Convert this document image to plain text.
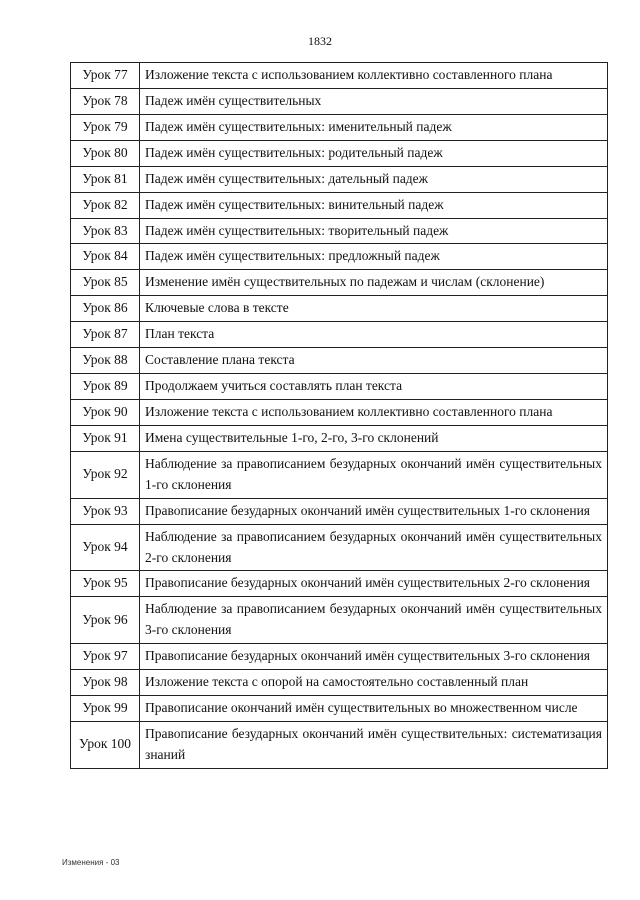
1832
Урок 77	Изложение текста с использованием коллективно составленного плана
Урок 78	Падеж имён существительных
Урок 79	Падеж имён существительных: именительный падеж
Урок 80	Падеж имён существительных: родительный падеж
Урок 81	Падеж имён существительных: дательный падеж
Урок 82	Падеж имён существительных: винительный падеж
Урок 83	Падеж имён существительных: творительный падеж
Урок 84	Падеж имён существительных: предложный падеж
Урок 85	Изменение имён существительных по падежам и числам (склонение)
Урок 86	Ключевые слова в тексте
Урок 87	План текста
Урок 88	Составление плана текста
Урок 89	Продолжаем учиться составлять план текста
Урок 90	Изложение текста с использованием коллективно составленного плана
Урок 91	Имена существительные 1-го, 2-го, 3-го склонений
Урок 92	Наблюдение за правописанием безударных окончаний имён существительных 1-го склонения
Урок 93	Правописание безударных окончаний имён существительных 1-го склонения
Урок 94	Наблюдение за правописанием безударных окончаний имён существительных 2-го склонения
Урок 95	Правописание безударных окончаний имён существительных 2-го склонения
Урок 96	Наблюдение за правописанием безударных окончаний имён существительных 3-го склонения
Урок 97	Правописание безударных окончаний имён существительных 3-го склонения
Урок 98	Изложение текста с опорой на самостоятельно составленный план
Урок 99	Правописание окончаний имён существительных во множественном числе
Урок 100	Правописание безударных окончаний имён существительных: систематизация знаний
Изменения - 03
